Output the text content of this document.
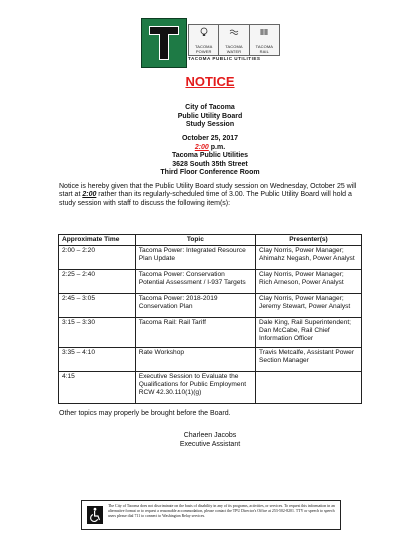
TACOMA
POWER
TACOMA
WATER
TACOMA
RAIL
TACOMA PUBLIC UTILITIES
NOTICE
City of Tacoma
Public Utility Board
Study Session
October 25, 2017
2:00 p.m.
Tacoma Public Utilities
3628 South 35th Street
Third Floor Conference Room
Notice is hereby given that the Public Utility Board study session on Wednesday, October 25 will start at 2:00 rather than its regularly-scheduled time of 3.00. The Public Utility Board will hold a study session with staff to discuss the following item(s):
Approximate Time	Topic	Presenter(s)
2:00 – 2:20	Tacoma Power: Integrated Resource Plan Update	Clay Norris, Power Manager; Ahimahz Negash, Power Analyst
2:25 – 2:40	Tacoma Power: Conservation Potential Assessment / I-937 Targets	Clay Norris, Power Manager; Rich Arneson, Power Analyst
2:45 – 3:05	Tacoma Power: 2018-2019 Conservation Plan	Clay Norris, Power Manager; Jeremy Stewart, Power Analyst
3:15 – 3:30	Tacoma Rail: Rail Tariff	Dale King, Rail Superintendent; Dan McCabe, Rail Chief Information Officer
3:35 – 4:10	Rate Workshop	Travis Metcalfe, Assistant Power Section Manager
4:15	Executive Session to Evaluate the Qualifications for Public Employment RCW 42.30.110(1)(g)	
Other topics may properly be brought before the Board.
Charleen Jacobs
Executive Assistant
The City of Tacoma does not discriminate on the basis of disability in any of its programs, activities, or services. To request this information in an alternative format or to request a reasonable accommodation, please contact the TPU Director's Office at 253-502-8201. TTY or speech to speech users please dial 711 to connect to Washington Relay services.
